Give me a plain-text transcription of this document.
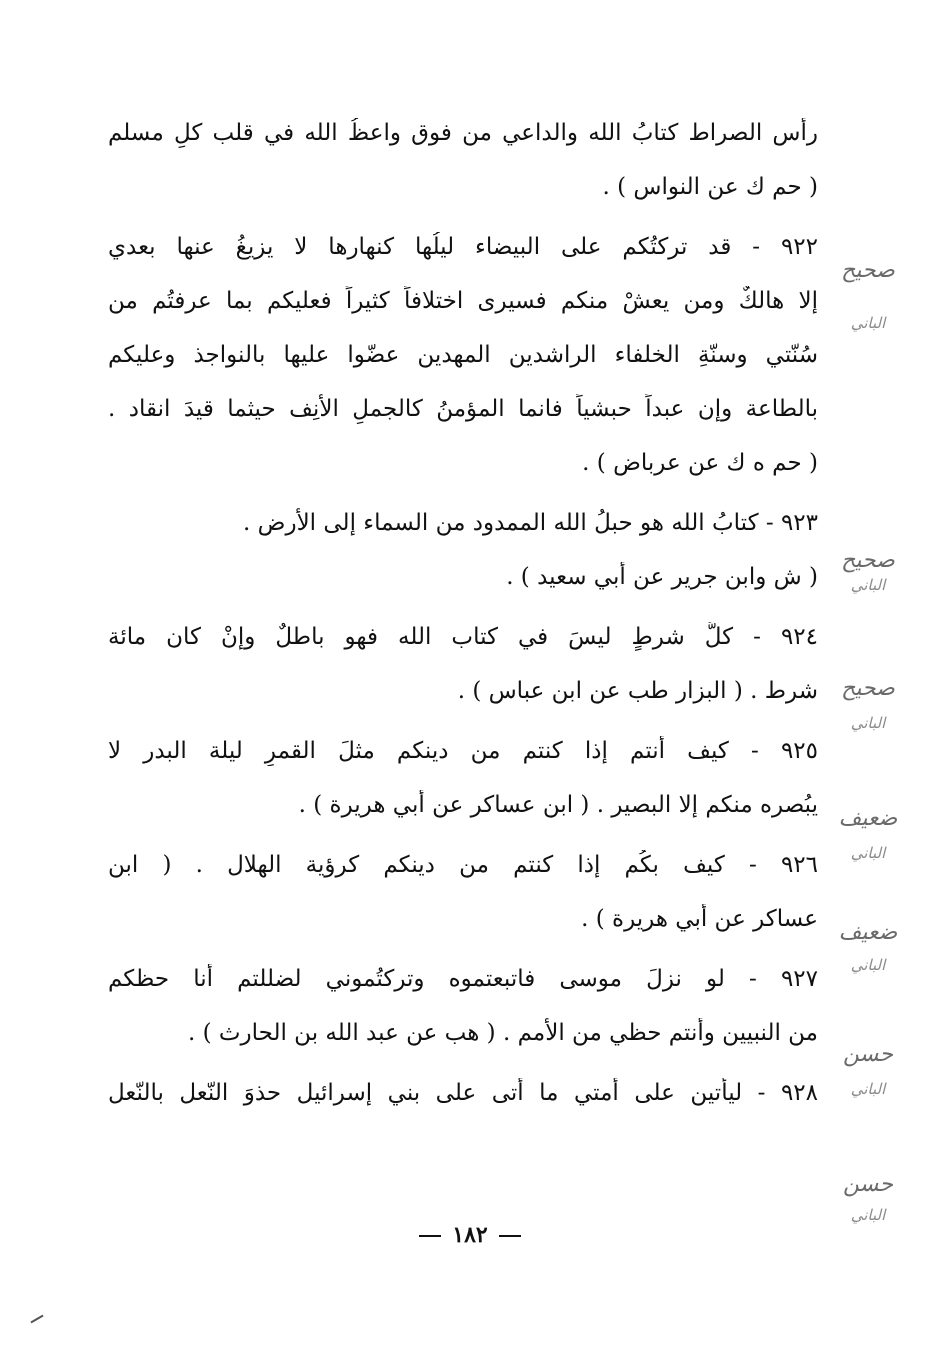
رأس الصراط كتابُ الله والداعي من فوق واعظُ الله في قلب كلِ مسلم
( حم ك عن النواس ) .
٩٢٢ - قد تركتُكم على البيضاء ليلُها كنهارها لا يزيغُ عنها بعدي
إلا هالكٌ ومن يعشْ منكم فسيرى اختلافاً كثيراً فعليكم بما عرفتُم من
سُنّتي وسنّةِ الخلفاء الراشدين المهدين عضّوا عليها بالنواجذ وعليكم
بالطاعة وإن عبداً حبشياً فانما المؤمنُ كالجملِ الأنِف حيثما قيدَ انقاد .
( حم ه ك عن عرباض ) .
٩٢٣ - كتابُ الله هو حبلُ الله الممدود من السماء إلى الأرض .
( ش وابن جرير عن أبي سعيد ) .
٩٢٤ - كلُّ شرطٍ ليسَ في كتاب الله فهو باطلٌ وإنْ كان مائة
شرط . ( البزار طب عن ابن عباس ) .
٩٢٥ - كيف أنتم إذا كنتم من دينكم مثلَ القمرِ ليلة البدر لا
يبُصره منكم إلا البصير . ( ابن عساكر عن أبي هريرة ) .
٩٢٦ - كيف بكُم إذا كنتم من دينكم كرؤية الهلال . ( ابن
عساكر عن أبي هريرة ) .
٩٢٧ - لو نزلَ موسى فاتبعتموه وتركتُموني لضللتم أنا حظكم
من النبيين وأنتم حظي من الأمم . ( هب عن عبد الله بن الحارث ) .
٩٢٨ - ليأتين على أمتي ما أتى على بني إسرائيل حذوَ النّعل بالنّعل
صحيح
الباني
صحيح
الباني
صحيح
الباني
ضعيف
الباني
ضعيف
الباني
حسن
الباني
حسن
الباني
١٨٢
